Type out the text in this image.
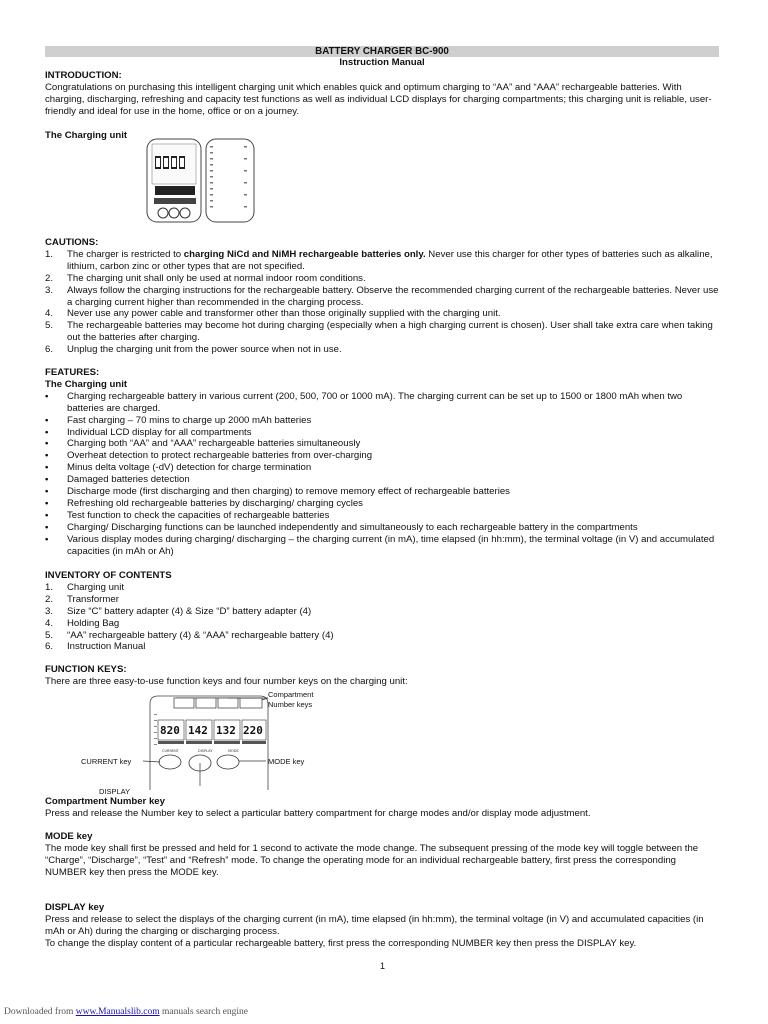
BATTERY CHARGER BC-900
Instruction Manual

INTRODUCTION:

Congratulations on purchasing this intelligent charging unit which enables quick and optimum charging to “AA” and “AAA” rechargeable batteries. With charging, discharging, refreshing and capacity test functions as well as individual LCD displays for charging compartments; this charging unit is reliable, user-friendly and ideal for use in the home, office or on a journey.

The Charging unit

CAUTIONS:

1. The charger is restricted to charging NiCd and NiMH rechargeable batteries only. Never use this charger for other types of batteries such as alkaline, lithium, carbon zinc or other types that are not specified.
2. The charging unit shall only be used at normal indoor room conditions.
3. Always follow the charging instructions for the rechargeable battery. Observe the recommended charging current of the rechargeable batteries. Never use a charging current higher than recommended in the charging process.
4. Never use any power cable and transformer other than those originally supplied with the charging unit.
5. The rechargeable batteries may become hot during charging (especially when a high charging current is chosen). User shall take extra care when taking out the batteries after charging.
6. Unplug the charging unit from the power source when not in use.

FEATURES:

The Charging unit

• Charging rechargeable battery in various current (200, 500, 700 or 1000 mA). The charging current can be set up to 1500 or 1800 mAh when two batteries are charged.
• Fast charging – 70 mins to charge up 2000 mAh batteries
• Individual LCD display for all compartments
• Charging both “AA” and “AAA” rechargeable batteries simultaneously
• Overheat detection to protect rechargeable batteries from over-charging
• Minus delta voltage (-dV) detection for charge termination
• Damaged batteries detection
• Discharge mode (first discharging and then charging) to remove memory effect of rechargeable batteries
• Refreshing old rechargeable batteries by discharging/ charging cycles
• Test function to check the capacities of rechargeable batteries
• Charging/ Discharging functions can be launched independently and simultaneously to each rechargeable battery in the compartments
• Various display modes during charging/ discharging – the charging current (in mA), time elapsed (in hh:mm), the terminal voltage (in V) and accumulated capacities (in mAh or Ah)

INVENTORY OF CONTENTS

1. Charging unit
2. Transformer
3. Size “C” battery adapter (4) & Size “D” battery adapter (4)
4. Holding Bag
5. “AA” rechargeable battery (4) & “AAA” rechargeable battery (4)
6. Instruction Manual

FUNCTION KEYS:

There are three easy-to-use function keys and four number keys on the charging unit:

820 142 132 220
CURRENT	DISPLAY	MODE
Compartment
Number keys
CURRENT key	MODE key
DISPLAY

Compartment Number key

Press and release the Number key to select a particular battery compartment for charge modes and/or display mode adjustment.

MODE key

The mode key shall first be pressed and held for 1 second to activate the mode change. The subsequent pressing of the mode key will toggle between the “Charge”, “Discharge”, “Test” and “Refresh” mode. To change the operating mode for an individual rechargeable battery, first press the corresponding NUMBER key then press the MODE key.

DISPLAY key

Press and release to select the displays of the charging current (in mA), time elapsed (in hh:mm), the terminal voltage (in V) and accumulated capacities (in mAh or Ah) during the charging or discharging process.

To change the display content of a particular rechargeable battery, first press the corresponding NUMBER key then press the DISPLAY key.

1
Downloaded from www.Manualslib.com manuals search engine
